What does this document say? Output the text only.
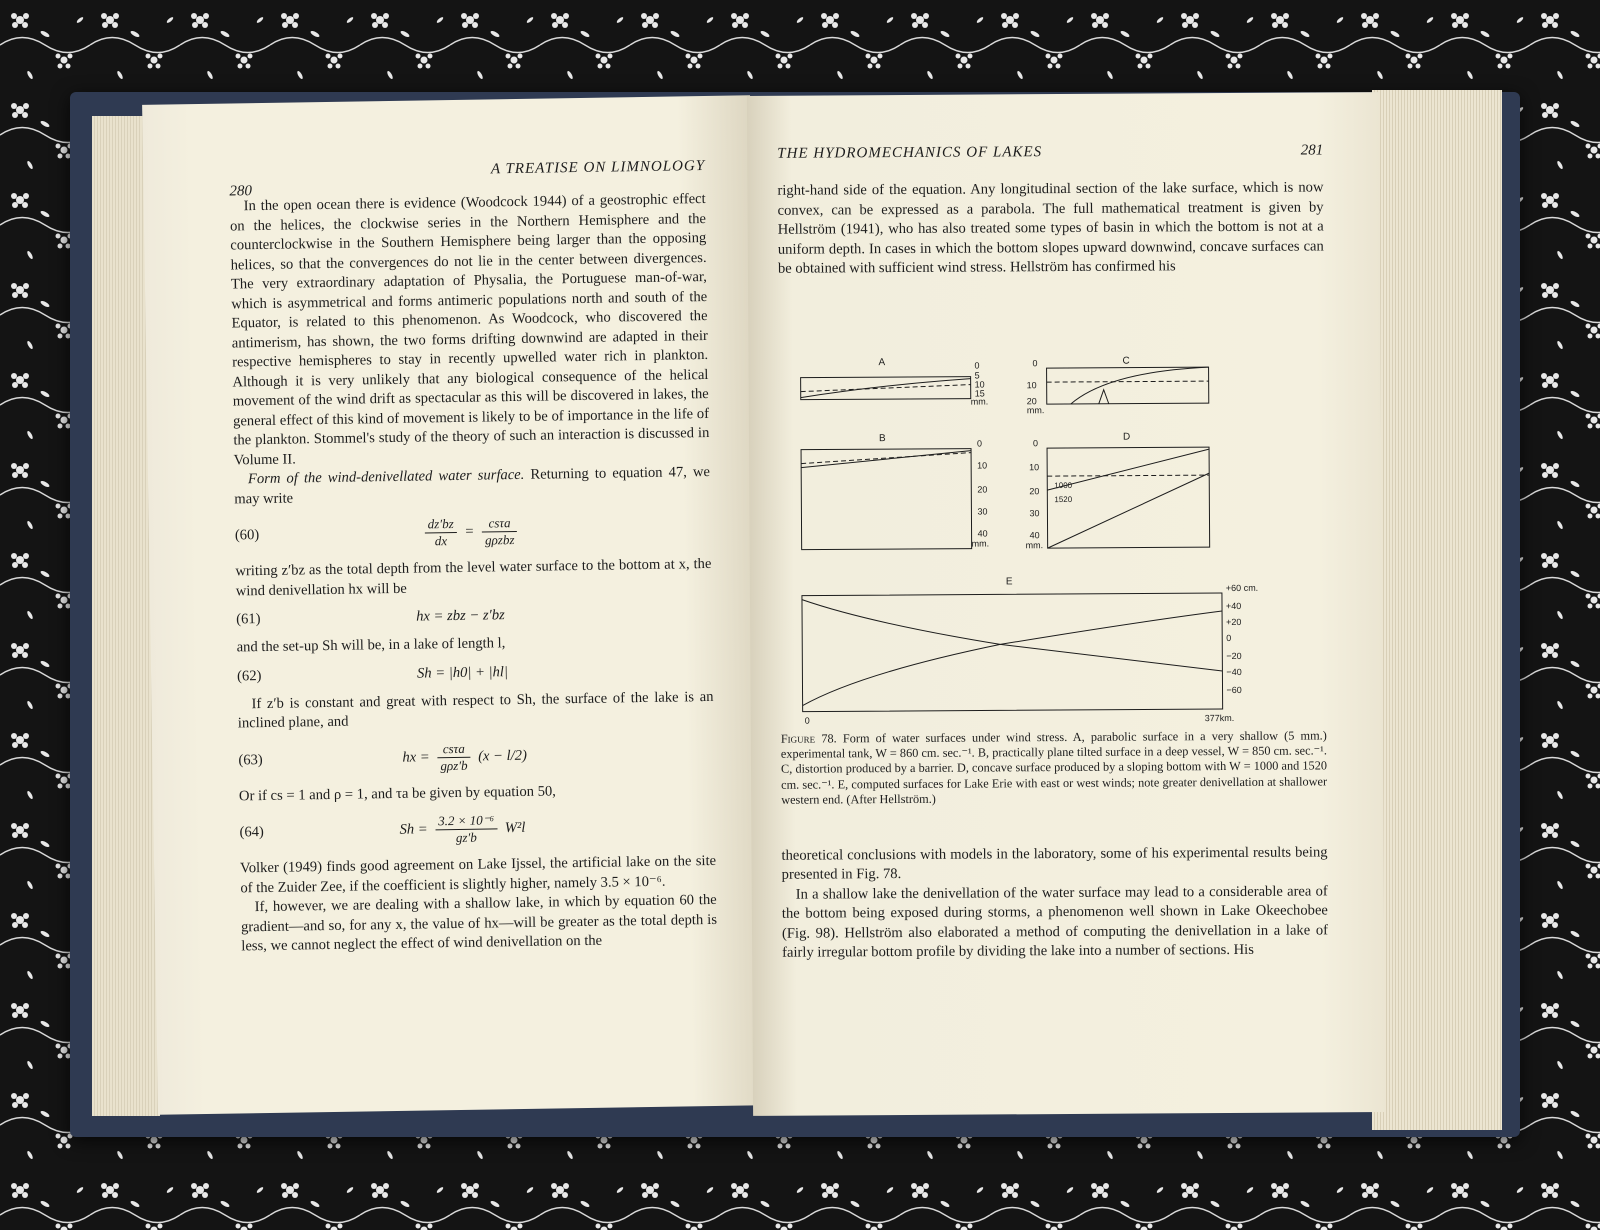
A TREATISE ON LIMNOLOGY
280

In the open ocean there is evidence (Woodcock 1944) of a geostrophic effect on the helices, the clockwise series in the Northern Hemisphere and the counterclockwise in the Southern Hemisphere being larger than the opposing helices, so that the convergences do not lie in the center between divergences. The very extraordinary adaptation of Physalia, the Portuguese man-of-war, which is asymmetrical and forms antimeric populations north and south of the Equator, is related to this phenomenon. As Woodcock, who discovered the antimerism, has shown, the two forms drifting downwind are adapted in their respective hemispheres to stay in recently upwelled water rich in plankton. Although it is very unlikely that any biological consequence of the helical movement of the wind drift as spectacular as this will be discovered in lakes, the general effect of this kind of movement is likely to be of importance in the life of the plankton. Stommel's study of the theory of such an interaction is discussed in Volume II.

Form of the wind-denivellated water surface. Returning to equation 47, we may write

(60)	$\frac{dz'bz}{dx} = \frac{\text{csτa}}{\text{gρzbz}}$

writing z′bz as the total depth from the level water surface to the bottom at x, the wind denivellation hx will be

(61)	hx = zbz − z′bz

and the set-up Sh will be, in a lake of length l,

(62)	Sh = |h0| + |hl|

If z′b is constant and great with respect to Sh, the surface of the lake is an inclined plane, and

(63)	hx = $\frac{\text{csτa}}{\text{gρz′b}} (x - l/2)$

Or if cs = 1 and ρ = 1, and τa be given by equation 50,

(64)	$Sh = \frac{\text{3.2 × 10⁻⁶}}{gz'b} W^2l$

Volker (1949) finds good agreement on Lake Ijssel, the artificial lake on the site of the Zuider Zee, if the coefficient is slightly higher, namely 3.5 × 10⁻⁶.

If, however, we are dealing with a shallow lake, in which by equation 60 the gradient—and so, for any x, the value of hx—will be greater as the total depth is less, we cannot neglect the effect of wind denivellation on the

THE HYDROMECHANICS OF LAKES	281

right-hand side of the equation. Any longitudinal section of the lake surface, which is now convex, can be expressed as a parabola. The full mathematical treatment is given by Hellström (1941), who has also treated some types of basin in which the bottom is not at a uniform depth. In cases in which the bottom slopes upward downwind, concave surfaces can be obtained with sufficient wind stress. Hellström has confirmed his

A	0
5
10
15
mm.
C
0
10
20
mm.
B	0
10
20
30
40
mm.
D
0
10
20
30
40
mm.
1000
1520
E
+60 cm.
+40
+20
0
−20
−40
−60
0	377km.
Figure 78. Form of water surfaces under wind stress. A, parabolic surface in a very shallow (5 mm.) experimental tank, W = 860 cm. sec.⁻¹. B, practically plane tilted surface in a deep vessel, W = 850 cm. sec.⁻¹. C, distortion produced by a barrier. D, concave surface produced by a sloping bottom with W = 1000 and 1520 cm. sec.⁻¹. E, computed surfaces for Lake Erie with east or west winds; note greater denivellation at shallower western end. (After Hellström.)

theoretical conclusions with models in the laboratory, some of his experimental results being presented in Fig. 78.

In a shallow lake the denivellation of the water surface may lead to a considerable area of the bottom being exposed during storms, a phenomenon well shown in Lake Okeechobee (Fig. 98). Hellström also elaborated a method of computing the denivellation in a lake of fairly irregular bottom profile by dividing the lake into a number of sections. His
